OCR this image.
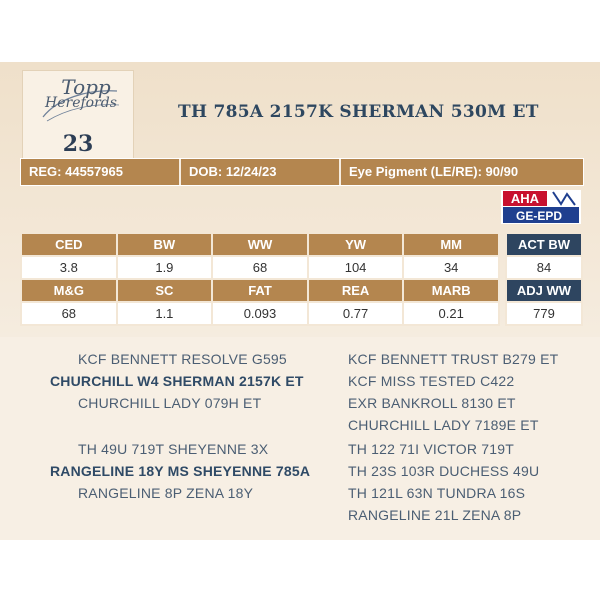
Topp
Herefords
23
TH 785A 2157K SHERMAN 530M ET
REG: 44557965	DOB: 12/24/23	Eye Pigment (LE/RE): 90/90
AHA
GE-EPD
CED	BW	WW	YW	MM
3.8	1.9	68	104	34
M&G	SC	FAT	REA	MARB
68	1.1	0.093	0.77	0.21
ACT BW
84
ADJ WW
779
KCF BENNETT RESOLVE G595
CHURCHILL W4 SHERMAN 2157K ET
CHURCHILL LADY 079H ET
TH 49U 719T SHEYENNE 3X
RANGELINE 18Y MS SHEYENNE 785A
RANGELINE 8P ZENA 18Y
KCF BENNETT TRUST B279 ET
KCF MISS TESTED C422
EXR BANKROLL 8130 ET
CHURCHILL LADY 7189E ET
TH 122 71I VICTOR 719T
TH 23S 103R DUCHESS 49U
TH 121L 63N TUNDRA 16S
RANGELINE 21L ZENA 8P
